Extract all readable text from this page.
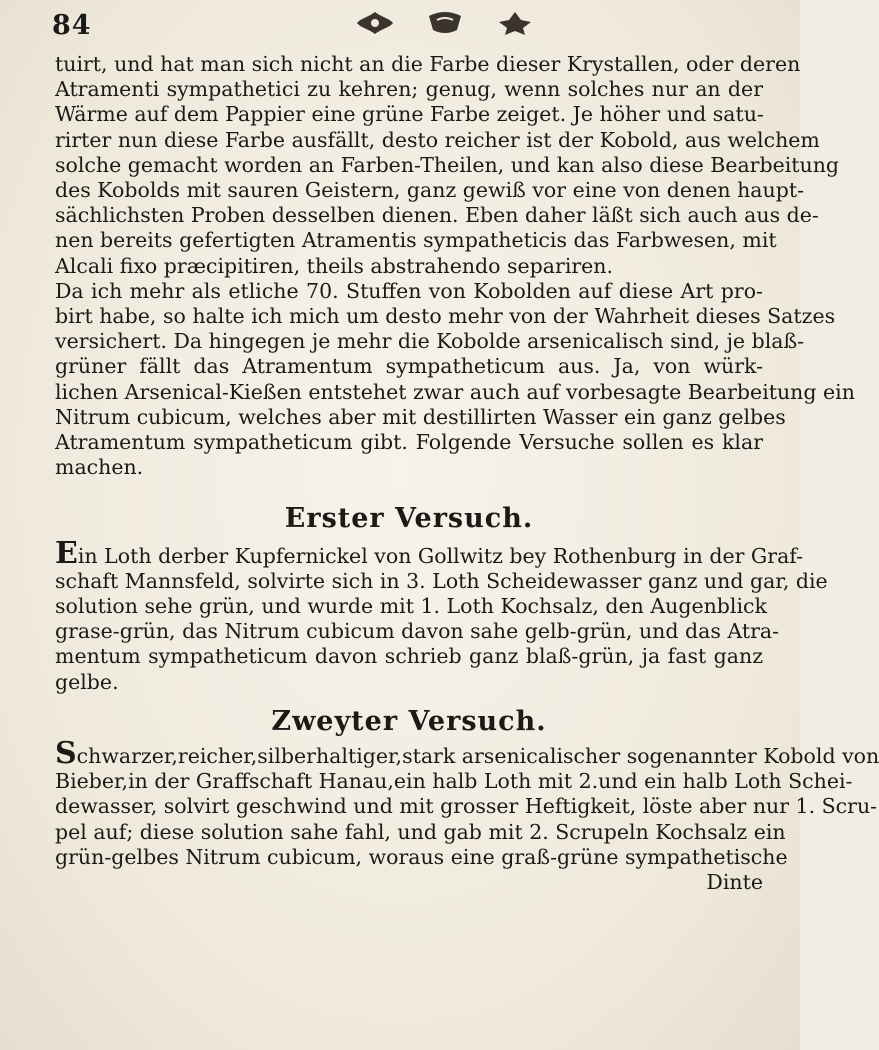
84

tuirt, und hat man sich nicht an die Farbe dieser Krystallen, oder deren
Atramenti sympathetici zu kehren; genug, wenn solches nur an der
Wärme auf dem Pappier eine grüne Farbe zeiget. Je höher und satu-
rirter nun diese Farbe ausfällt, desto reicher ist der Kobold, aus welchem
solche gemacht worden an Farben-Theilen, und kan also diese Bearbeitung
des Kobolds mit sauren Geistern, ganz gewiß vor eine von denen haupt-
sächlichsten Proben desselben dienen. Eben daher läßt sich auch aus de-
nen bereits gefertigten Atramentis sympatheticis das Farbwesen, mit
Alcali fixo præcipitiren, theils abstrahendo separiren.
Da ich mehr als etliche 70. Stuffen von Kobolden auf diese Art pro-
birt habe, so halte ich mich um desto mehr von der Wahrheit dieses Satzes
versichert. Da hingegen je mehr die Kobolde arsenicalisch sind, je blaß-
grüner fällt das Atramentum sympatheticum aus. Ja, von würk-
lichen Arsenical-Kießen entstehet zwar auch auf vorbesagte Bearbeitung ein
Nitrum cubicum, welches aber mit destillirten Wasser ein ganz gelbes
Atramentum sympatheticum gibt. Folgende Versuche sollen es klar
machen.

Erster Versuch.

Ein Loth derber Kupfernickel von Gollwitz bey Rothenburg in der Graf-
schaft Mannsfeld, solvirte sich in 3. Loth Scheidewasser ganz und gar, die
solution sehe grün, und wurde mit 1. Loth Kochsalz, den Augenblick
grase-grün, das Nitrum cubicum davon sahe gelb-grün, und das Atra-
mentum sympatheticum davon schrieb ganz blaß-grün, ja fast ganz
gelbe.

Zweyter Versuch.

Schwarzer,reicher,silberhaltiger,stark arsenicalischer sogenannter Kobold von
Bieber,in der Graffschaft Hanau,ein halb Loth mit 2.und ein halb Loth Schei-
dewasser, solvirt geschwind und mit grosser Heftigkeit, löste aber nur 1. Scru-
pel auf; diese solution sahe fahl, und gab mit 2. Scrupeln Kochsalz ein
grün-gelbes Nitrum cubicum, woraus eine graß-grüne sympathetische
Dinte
